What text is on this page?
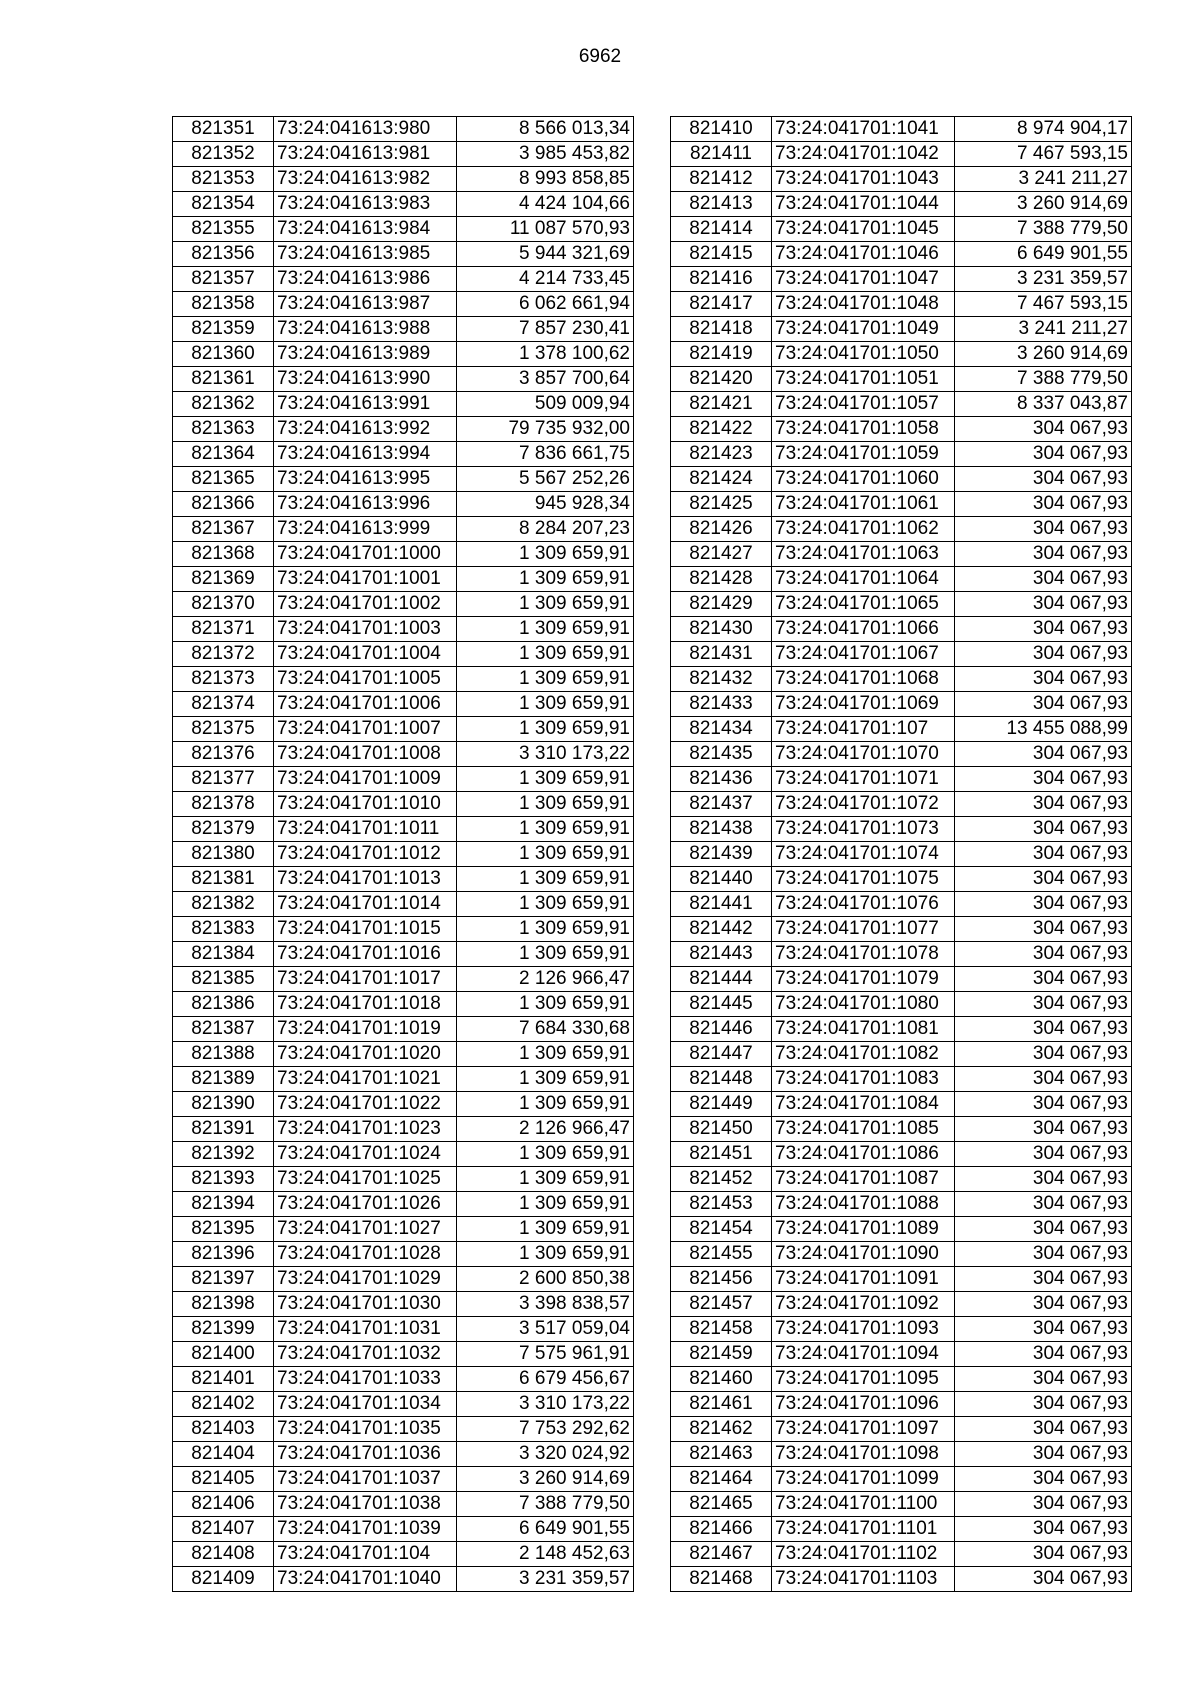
6962
821351	73:24:041613:980	8 566 013,34
821352	73:24:041613:981	3 985 453,82
821353	73:24:041613:982	8 993 858,85
821354	73:24:041613:983	4 424 104,66
821355	73:24:041613:984	11 087 570,93
821356	73:24:041613:985	5 944 321,69
821357	73:24:041613:986	4 214 733,45
821358	73:24:041613:987	6 062 661,94
821359	73:24:041613:988	7 857 230,41
821360	73:24:041613:989	1 378 100,62
821361	73:24:041613:990	3 857 700,64
821362	73:24:041613:991	509 009,94
821363	73:24:041613:992	79 735 932,00
821364	73:24:041613:994	7 836 661,75
821365	73:24:041613:995	5 567 252,26
821366	73:24:041613:996	945 928,34
821367	73:24:041613:999	8 284 207,23
821368	73:24:041701:1000	1 309 659,91
821369	73:24:041701:1001	1 309 659,91
821370	73:24:041701:1002	1 309 659,91
821371	73:24:041701:1003	1 309 659,91
821372	73:24:041701:1004	1 309 659,91
821373	73:24:041701:1005	1 309 659,91
821374	73:24:041701:1006	1 309 659,91
821375	73:24:041701:1007	1 309 659,91
821376	73:24:041701:1008	3 310 173,22
821377	73:24:041701:1009	1 309 659,91
821378	73:24:041701:1010	1 309 659,91
821379	73:24:041701:1011	1 309 659,91
821380	73:24:041701:1012	1 309 659,91
821381	73:24:041701:1013	1 309 659,91
821382	73:24:041701:1014	1 309 659,91
821383	73:24:041701:1015	1 309 659,91
821384	73:24:041701:1016	1 309 659,91
821385	73:24:041701:1017	2 126 966,47
821386	73:24:041701:1018	1 309 659,91
821387	73:24:041701:1019	7 684 330,68
821388	73:24:041701:1020	1 309 659,91
821389	73:24:041701:1021	1 309 659,91
821390	73:24:041701:1022	1 309 659,91
821391	73:24:041701:1023	2 126 966,47
821392	73:24:041701:1024	1 309 659,91
821393	73:24:041701:1025	1 309 659,91
821394	73:24:041701:1026	1 309 659,91
821395	73:24:041701:1027	1 309 659,91
821396	73:24:041701:1028	1 309 659,91
821397	73:24:041701:1029	2 600 850,38
821398	73:24:041701:1030	3 398 838,57
821399	73:24:041701:1031	3 517 059,04
821400	73:24:041701:1032	7 575 961,91
821401	73:24:041701:1033	6 679 456,67
821402	73:24:041701:1034	3 310 173,22
821403	73:24:041701:1035	7 753 292,62
821404	73:24:041701:1036	3 320 024,92
821405	73:24:041701:1037	3 260 914,69
821406	73:24:041701:1038	7 388 779,50
821407	73:24:041701:1039	6 649 901,55
821408	73:24:041701:104	2 148 452,63
821409	73:24:041701:1040	3 231 359,57
821410	73:24:041701:1041	8 974 904,17
821411	73:24:041701:1042	7 467 593,15
821412	73:24:041701:1043	3 241 211,27
821413	73:24:041701:1044	3 260 914,69
821414	73:24:041701:1045	7 388 779,50
821415	73:24:041701:1046	6 649 901,55
821416	73:24:041701:1047	3 231 359,57
821417	73:24:041701:1048	7 467 593,15
821418	73:24:041701:1049	3 241 211,27
821419	73:24:041701:1050	3 260 914,69
821420	73:24:041701:1051	7 388 779,50
821421	73:24:041701:1057	8 337 043,87
821422	73:24:041701:1058	304 067,93
821423	73:24:041701:1059	304 067,93
821424	73:24:041701:1060	304 067,93
821425	73:24:041701:1061	304 067,93
821426	73:24:041701:1062	304 067,93
821427	73:24:041701:1063	304 067,93
821428	73:24:041701:1064	304 067,93
821429	73:24:041701:1065	304 067,93
821430	73:24:041701:1066	304 067,93
821431	73:24:041701:1067	304 067,93
821432	73:24:041701:1068	304 067,93
821433	73:24:041701:1069	304 067,93
821434	73:24:041701:107	13 455 088,99
821435	73:24:041701:1070	304 067,93
821436	73:24:041701:1071	304 067,93
821437	73:24:041701:1072	304 067,93
821438	73:24:041701:1073	304 067,93
821439	73:24:041701:1074	304 067,93
821440	73:24:041701:1075	304 067,93
821441	73:24:041701:1076	304 067,93
821442	73:24:041701:1077	304 067,93
821443	73:24:041701:1078	304 067,93
821444	73:24:041701:1079	304 067,93
821445	73:24:041701:1080	304 067,93
821446	73:24:041701:1081	304 067,93
821447	73:24:041701:1082	304 067,93
821448	73:24:041701:1083	304 067,93
821449	73:24:041701:1084	304 067,93
821450	73:24:041701:1085	304 067,93
821451	73:24:041701:1086	304 067,93
821452	73:24:041701:1087	304 067,93
821453	73:24:041701:1088	304 067,93
821454	73:24:041701:1089	304 067,93
821455	73:24:041701:1090	304 067,93
821456	73:24:041701:1091	304 067,93
821457	73:24:041701:1092	304 067,93
821458	73:24:041701:1093	304 067,93
821459	73:24:041701:1094	304 067,93
821460	73:24:041701:1095	304 067,93
821461	73:24:041701:1096	304 067,93
821462	73:24:041701:1097	304 067,93
821463	73:24:041701:1098	304 067,93
821464	73:24:041701:1099	304 067,93
821465	73:24:041701:1100	304 067,93
821466	73:24:041701:1101	304 067,93
821467	73:24:041701:1102	304 067,93
821468	73:24:041701:1103	304 067,93
